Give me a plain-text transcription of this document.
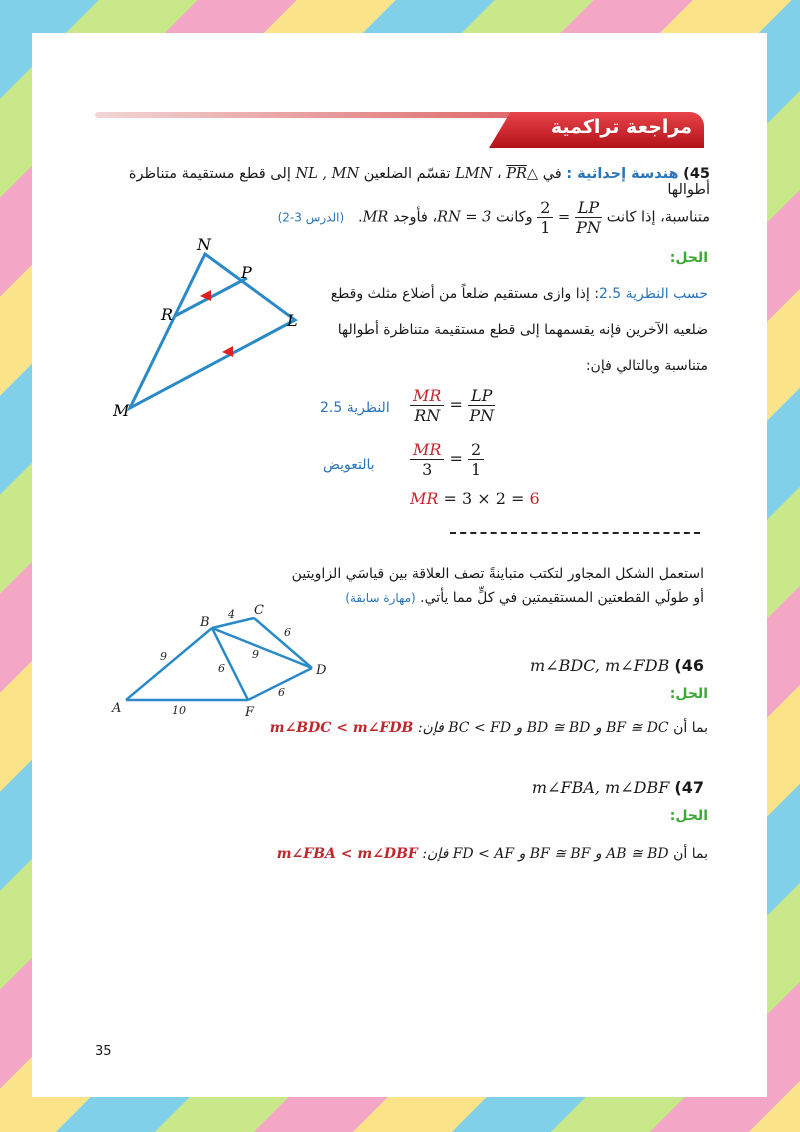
مراجعة تراكمية
45) هندسة إحداثية : في △LMN ، PR تقسّم الضلعين NL , MN إلى قطع مستقيمة متناظرة أطوالها
متناسبة، إذا كانت
$\frac{LP}{PN}$
=
$\frac{2}{1}$
وكانت RN = 3، فأوجد MR.   (الدرس 3-2)
N
P
R	L
M
الحل:
حسب النظرية 2.5: إذا وازى مستقيم ضلعاً من أضلاع مثلث وقطع
ضلعيه الآخرين فإنه يقسمهما إلى قطع مستقيمة متناظرة أطوالها
متناسبة وبالتالي فإن:
$\frac{MR}{RN} = \frac{LP}{PN}$
النظرية 2.5
$\frac{MR}{3} = \frac{2}{1}$
بالتعويض
MR = 3 × 2 = 6
استعمل الشكل المجاور لتكتب متباينةً تصف العلاقة بين قياسَي الزاويتين
أو طولَي القطعتين المستقيمتين في كلٍّ مما يأتي. (مهارة سابقة)
A
B
C
D
F
9
4
6
6
9
6
10
m∠BDC, m∠FDB (46
الحل:
بما أن BF ≅ DC و BD ≅ BD و BC < FD فإن: m∠BDC < m∠FDB
m∠FBA, m∠DBF (47
الحل:
بما أن AB ≅ BD و BF ≅ BF و FD < AF فإن: m∠FBA < m∠DBF
35
